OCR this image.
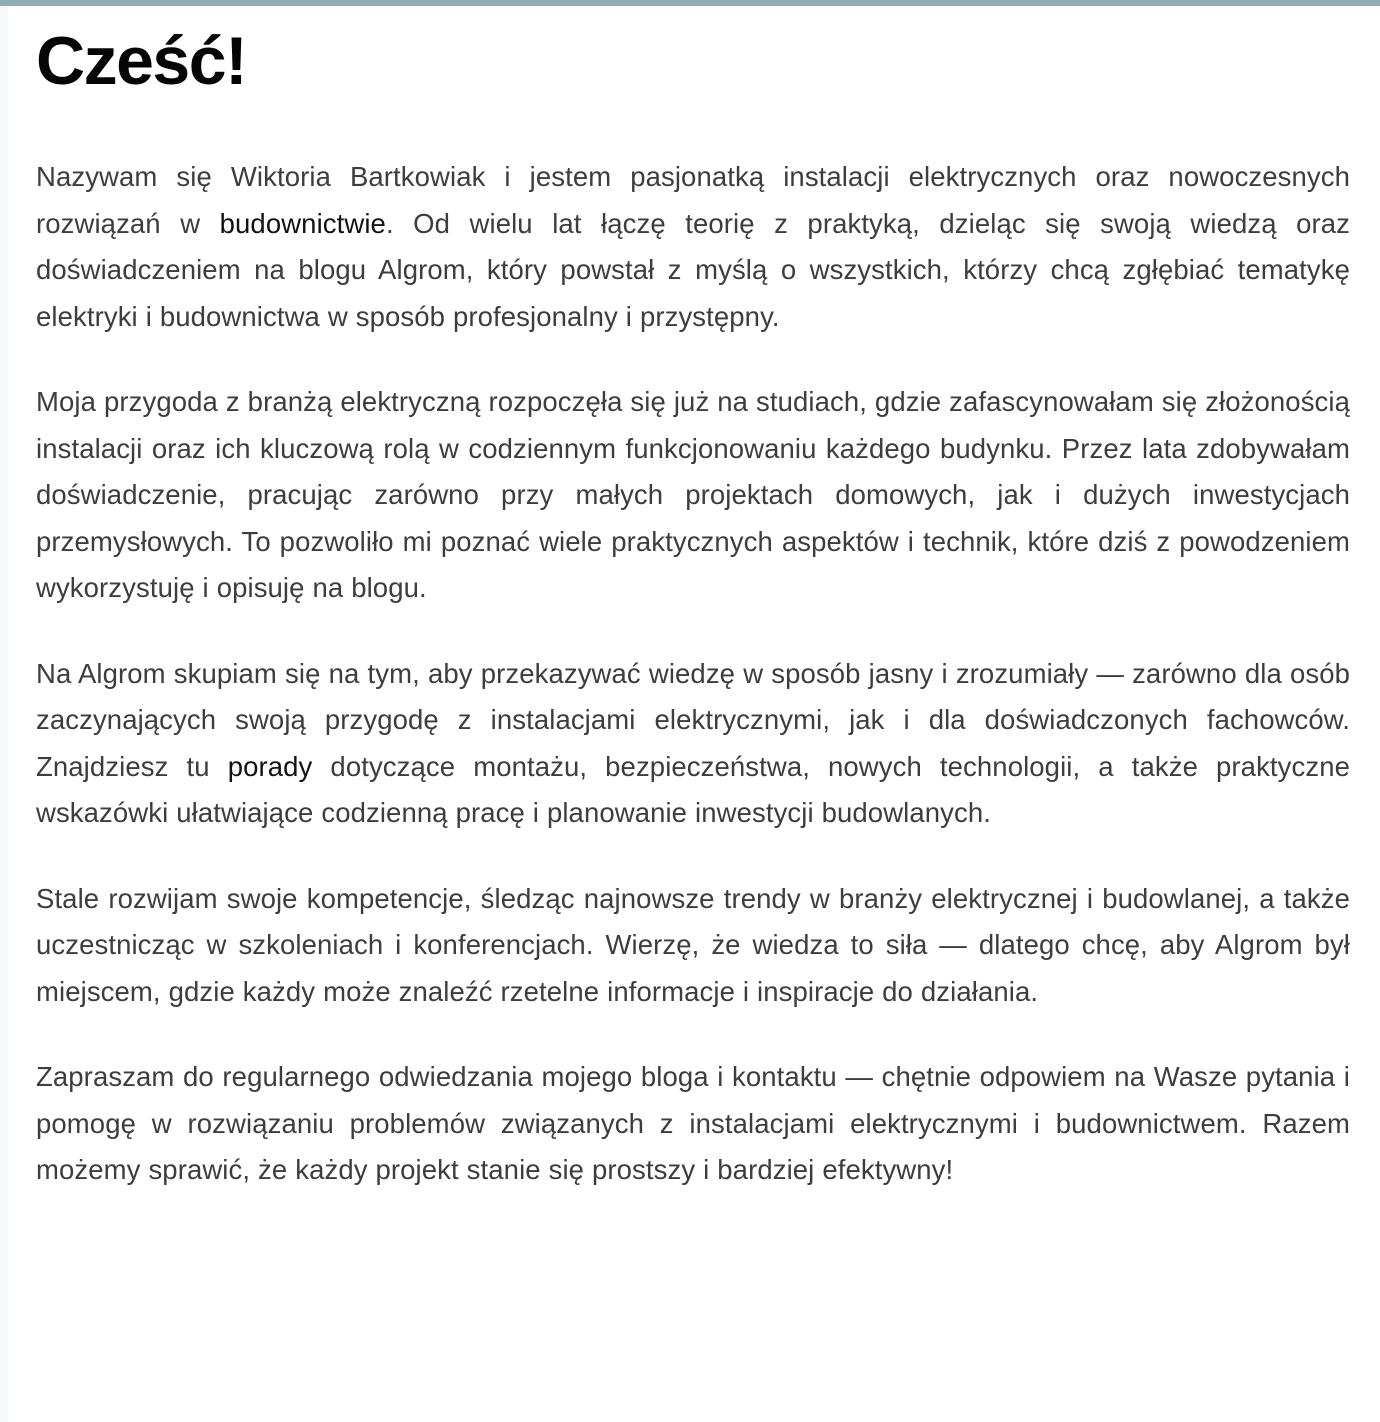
Cześć!

Nazywam się Wiktoria Bartkowiak i jestem pasjonatką instalacji elektrycznych oraz nowoczesnych rozwiązań w budownictwie. Od wielu lat łączę teorię z praktyką, dzieląc się swoją wiedzą oraz doświadczeniem na blogu Algrom, który powstał z myślą o wszystkich, którzy chcą zgłębiać tematykę elektryki i budownictwa w sposób profesjonalny i przystępny.

Moja przygoda z branżą elektryczną rozpoczęła się już na studiach, gdzie zafascynowałam się złożonością instalacji oraz ich kluczową rolą w codziennym funkcjonowaniu każdego budynku. Przez lata zdobywałam doświadczenie, pracując zarówno przy małych projektach domowych, jak i dużych inwestycjach przemysłowych. To pozwoliło mi poznać wiele praktycznych aspektów i technik, które dziś z powodzeniem wykorzystuję i opisuję na blogu.

Na Algrom skupiam się na tym, aby przekazywać wiedzę w sposób jasny i zrozumiały — zarówno dla osób zaczynających swoją przygodę z instalacjami elektrycznymi, jak i dla doświadczonych fachowców. Znajdziesz tu porady dotyczące montażu, bezpieczeństwa, nowych technologii, a także praktyczne wskazówki ułatwiające codzienną pracę i planowanie inwestycji budowlanych.

Stale rozwijam swoje kompetencje, śledząc najnowsze trendy w branży elektrycznej i budowlanej, a także uczestnicząc w szkoleniach i konferencjach. Wierzę, że wiedza to siła — dlatego chcę, aby Algrom był miejscem, gdzie każdy może znaleźć rzetelne informacje i inspiracje do działania.

Zapraszam do regularnego odwiedzania mojego bloga i kontaktu — chętnie odpowiem na Wasze pytania i pomogę w rozwiązaniu problemów związanych z instalacjami elektrycznymi i budownictwem. Razem możemy sprawić, że każdy projekt stanie się prostszy i bardziej efektywny!
